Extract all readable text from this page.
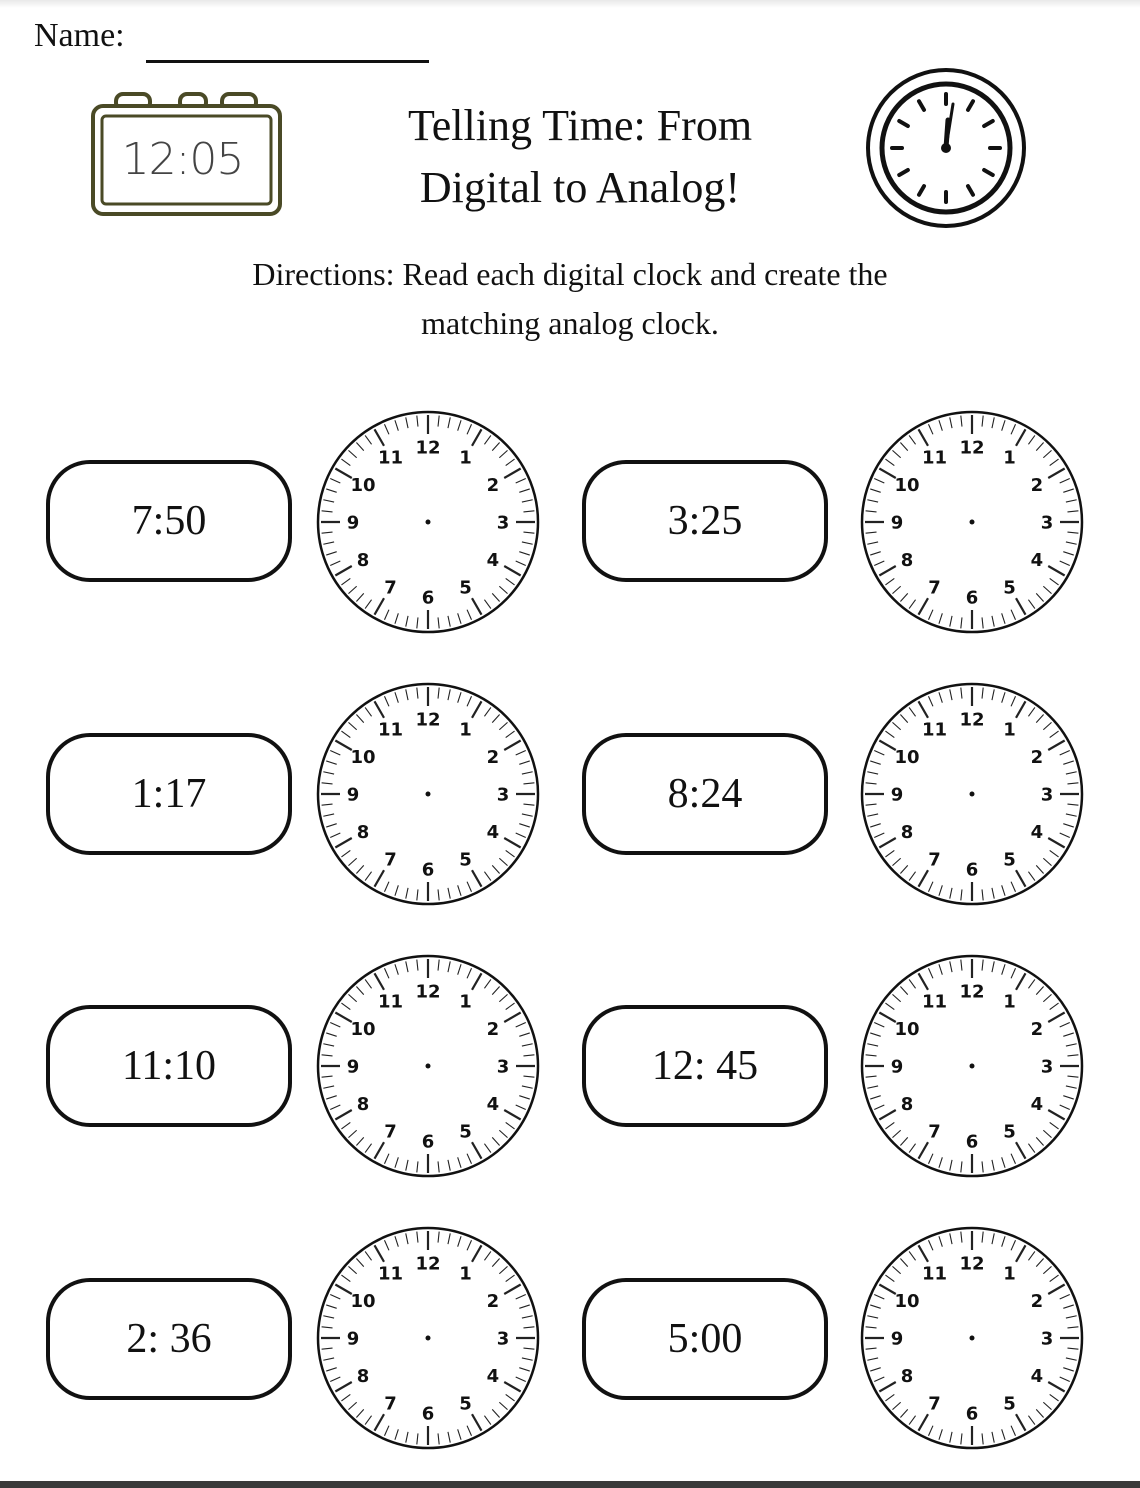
Name:
12:05
Telling Time: From
Digital to Analog!
Directions: Read each digital clock and create the
matching analog clock.
7:50
12 1
2
3
4
5
6
7
8
9
10
11
3:25
12 1
2
3
4
5
6
7
8
9
10
11
1:17
12 1
2
3
4
5
6
7
8
9
10
11
8:24
12 1
2
3
4
5
6
7
8
9
10
11
11:10
12 1
2
3
4
5
6
7
8
9
10
11
12: 45
12 1
2
3
4
5
6
7
8
9
10
11
2: 36
12 1
2
3
4
5
6
7
8
9
10
11
5:00
12 1
2
3
4
5
6
7
8
9
10
11
